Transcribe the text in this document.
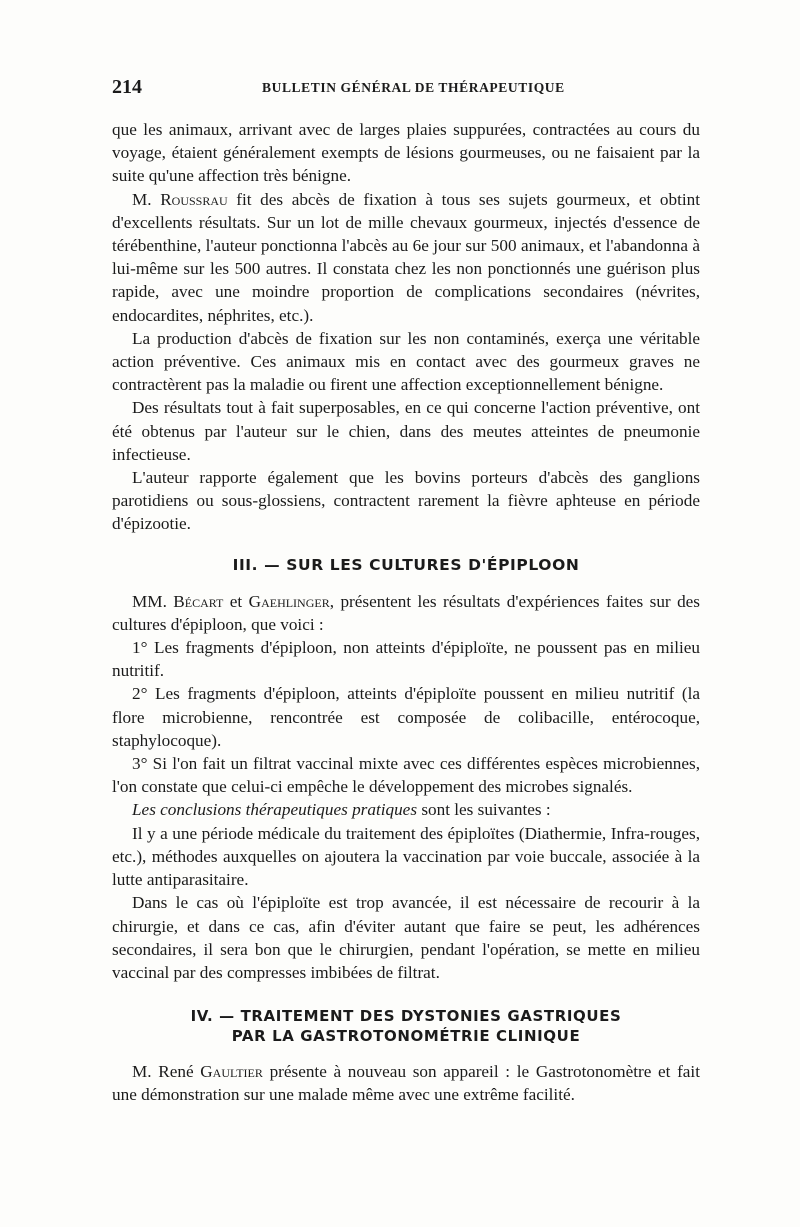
214	BULLETIN GÉNÉRAL DE THÉRAPEUTIQUE

que les animaux, arrivant avec de larges plaies suppurées, contractées au cours du voyage, étaient généralement exempts de lésions gourmeuses, ou ne faisaient par la suite qu'une affection très bénigne.

M. Roussrau fit des abcès de fixation à tous ses sujets gourmeux, et obtint d'excellents résultats. Sur un lot de mille chevaux gourmeux, injectés d'essence de térébenthine, l'auteur ponctionna l'abcès au 6e jour sur 500 animaux, et l'abandonna à lui-même sur les 500 autres. Il constata chez les non ponctionnés une guérison plus rapide, avec une moindre proportion de complications secondaires (névrites, endocardites, néphrites, etc.).

La production d'abcès de fixation sur les non contaminés, exerça une véritable action préventive. Ces animaux mis en contact avec des gourmeux graves ne contractèrent pas la maladie ou firent une affection exceptionnellement bénigne.

Des résultats tout à fait superposables, en ce qui concerne l'action préventive, ont été obtenus par l'auteur sur le chien, dans des meutes atteintes de pneumonie infectieuse.

L'auteur rapporte également que les bovins porteurs d'abcès des ganglions parotidiens ou sous-glossiens, contractent rarement la fièvre aphteuse en période d'épizootie.

III. — SUR LES CULTURES D'ÉPIPLOON

MM. Bécart et Gaehlinger, présentent les résultats d'expériences faites sur des cultures d'épiploon, que voici :

1° Les fragments d'épiploon, non atteints d'épiploïte, ne poussent pas en milieu nutritif.

2° Les fragments d'épiploon, atteints d'épiploïte poussent en milieu nutritif (la flore microbienne, rencontrée est composée de colibacille, entérocoque, staphylocoque).

3° Si l'on fait un filtrat vaccinal mixte avec ces différentes espèces microbiennes, l'on constate que celui-ci empêche le développement des microbes signalés.

Les conclusions thérapeutiques pratiques sont les suivantes :

Il y a une période médicale du traitement des épiploïtes (Diathermie, Infra-rouges, etc.), méthodes auxquelles on ajoutera la vaccination par voie buccale, associée à la lutte antiparasitaire.

Dans le cas où l'épiploïte est trop avancée, il est nécessaire de recourir à la chirurgie, et dans ce cas, afin d'éviter autant que faire se peut, les adhérences secondaires, il sera bon que le chirurgien, pendant l'opération, se mette en milieu vaccinal par des compresses imbibées de filtrat.

IV. — TRAITEMENT DES DYSTONIES GASTRIQUES
PAR LA GASTROTONOMÉTRIE CLINIQUE

M. René Gaultier présente à nouveau son appareil : le Gastrotonomètre et fait une démonstration sur une malade même avec une extrême facilité.
